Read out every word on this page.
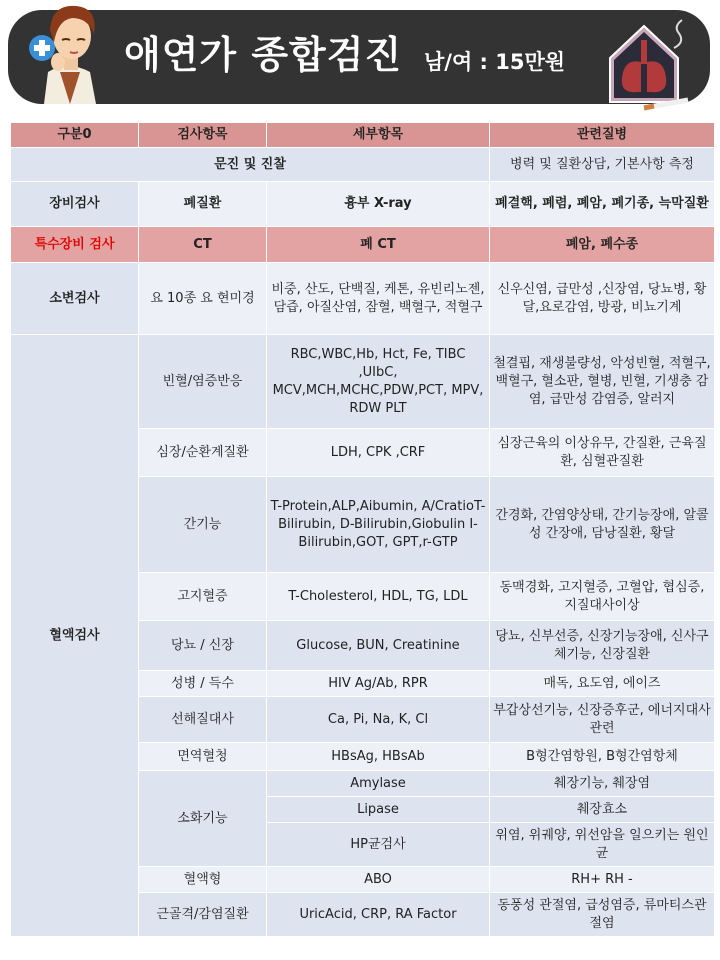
애연가 종합검진 남/여 : 15만원
구분0	검사항목	세부항목	관련질병
문진 및 진찰			병력 및 질환상담, 기본사항 측정
장비검사	폐질환	흉부 X-ray	폐결핵, 폐렴, 폐암, 폐기종, 늑막질환
특수장비 검사	CT	폐 CT	폐암, 폐수종
소변검사	요 10종 요 현미경	비중, 산도, 단백질, 케톤, 유빈리노젠,담즙, 아질산염, 잠혈, 백혈구, 적혈구	신우신염, 급만성 ,신장염, 당뇨병, 황달,요로감염, 방광, 비뇨기계
혈액검사	빈혈/염증반응	RBC,WBC,Hb, Hct, Fe, TIBC ,UIbC, MCV,MCH,MCHC,PDW,PCT, MPV, RDW PLT	철결핍, 재생불량성, 악성빈혈, 적혈구, 백혈구, 혈소판, 혈병, 빈혈, 기생충 감염, 급만성 감염증, 알러지
	심장/순환계질환	LDH, CPK ,CRF	심장근육의 이상유무, 간질환, 근육질환, 심혈관질환
	간기능	T-Protein,ALP,Aibumin, A/CratioT-Bilirubin, D-Bilirubin,Giobulin I-Bilirubin,GOT, GPT,r-GTP	간경화, 간염양상태, 간기능장애, 알콜성 간장애, 담낭질환, 황달
	고지혈증	T-Cholesterol, HDL, TG, LDL	동맥경화, 고지혈증, 고혈압, 협심증, 지질대사이상
	당뇨 / 신장	Glucose, BUN, Creatinine	당뇨, 신부선증, 신장기능장애, 신사구체기능, 신장질환
	성병 / 득수	HIV Ag/Ab, RPR	매독, 요도염, 에이즈
	선해질대사	Ca, Pi, Na, K, Cl	부갑상선기능, 신장증후군, 에너지대사관련
	면역혈청	HBsAg, HBsAb	B형간염항원, B형간염항체
	소화기능	Amylase	췌장기능, 췌장염
		Lipase	췌장효소
		HP균검사	위염, 위궤양, 위선암을 일으키는 원인균
	혈액형	ABO	RH+ RH -
	근골격/감염질환	UricAcid, CRP, RA Factor	동풍성 관절염, 급성염증, 류마티스관절염
